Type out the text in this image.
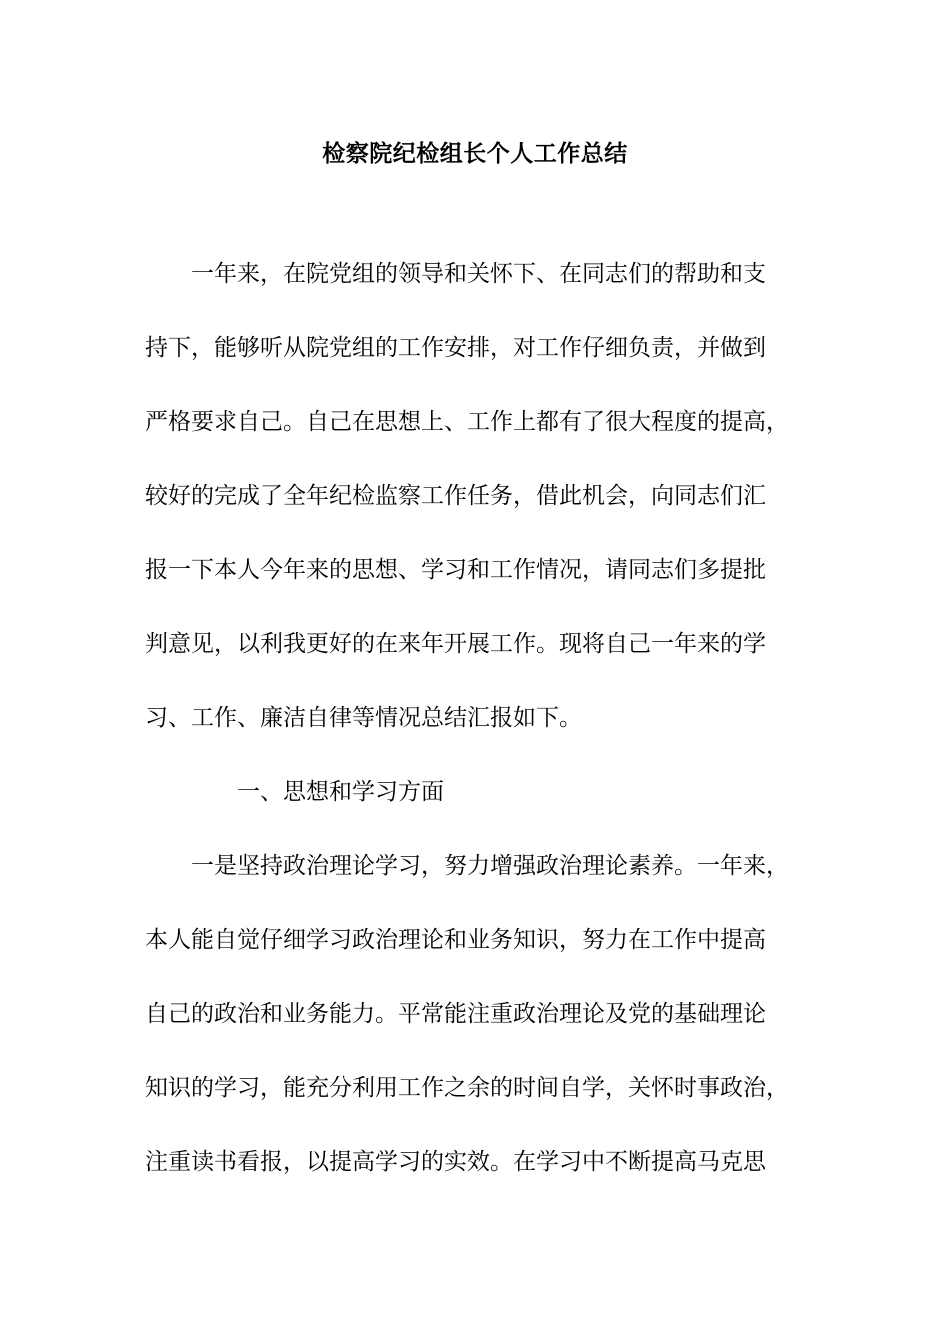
检察院纪检组长个人工作总结
　　一年来，在院党组的领导和关怀下、在同志们的帮助和支
持下，能够听从院党组的工作安排，对工作仔细负责，并做到
严格要求自己。自己在思想上、工作上都有了很大程度的提高，
较好的完成了全年纪检监察工作任务，借此机会，向同志们汇
报一下本人今年来的思想、学习和工作情况，请同志们多提批
判意见，以利我更好的在来年开展工作。现将自己一年来的学
习、工作、廉洁自律等情况总结汇报如下。
　　　　一、思想和学习方面
　　一是坚持政治理论学习，努力增强政治理论素养。一年来，
本人能自觉仔细学习政治理论和业务知识，努力在工作中提高
自己的政治和业务能力。平常能注重政治理论及党的基础理论
知识的学习，能充分利用工作之余的时间自学，关怀时事政治，
注重读书看报，以提高学习的实效。在学习中不断提高马克思
